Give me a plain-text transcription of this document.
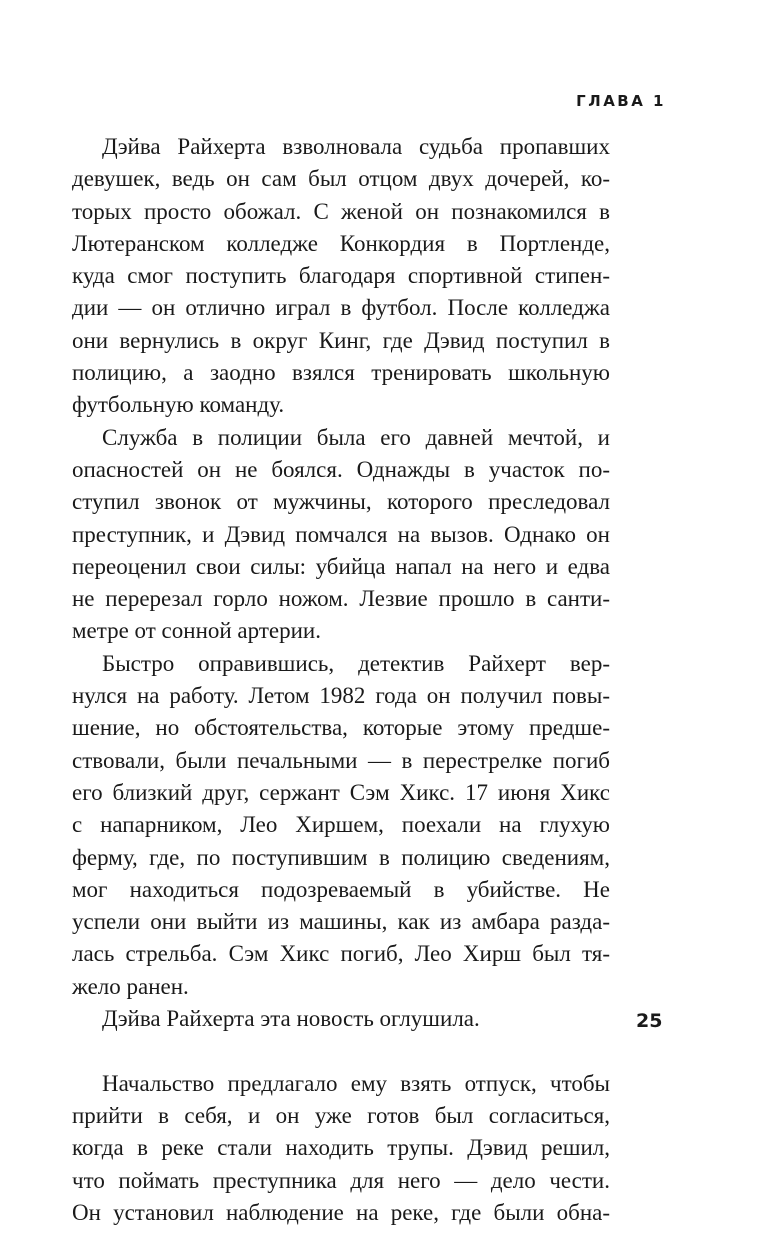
ГЛАВА 1
Дэйва Райхерта взволновала судьба пропавших
девушек, ведь он сам был отцом двух дочерей, ко-
торых просто обожал. С женой он познакомился в
Лютеранском колледже Конкордия в Портленде,
куда смог поступить благодаря спортивной стипен-
дии — он отлично играл в футбол. После колледжа
они вернулись в округ Кинг, где Дэвид поступил в
полицию, а заодно взялся тренировать школьную
футбольную команду.
Служба в полиции была его давней мечтой, и
опасностей он не боялся. Однажды в участок по-
ступил звонок от мужчины, которого преследовал
преступник, и Дэвид помчался на вызов. Однако он
переоценил свои силы: убийца напал на него и едва
не перерезал горло ножом. Лезвие прошло в санти-
метре от сонной артерии.
Быстро оправившись, детектив Райхерт вер-
нулся на работу. Летом 1982 года он получил повы-
шение, но обстоятельства, которые этому предше-
ствовали, были печальными — в перестрелке погиб
его близкий друг, сержант Сэм Хикс. 17 июня Хикс
с напарником, Лео Хиршем, поехали на глухую
ферму, где, по поступившим в полицию сведениям,
мог находиться подозреваемый в убийстве. Не
успели они выйти из машины, как из амбара разда-
лась стрельба. Сэм Хикс погиб, Лео Хирш был тя-
жело ранен.
Дэйва Райхерта эта новость оглушила.
Начальство предлагало ему взять отпуск, чтобы
прийти в себя, и он уже готов был согласиться,
когда в реке стали находить трупы. Дэвид решил,
что поймать преступника для него — дело чести.
Он установил наблюдение на реке, где были обна-
25
